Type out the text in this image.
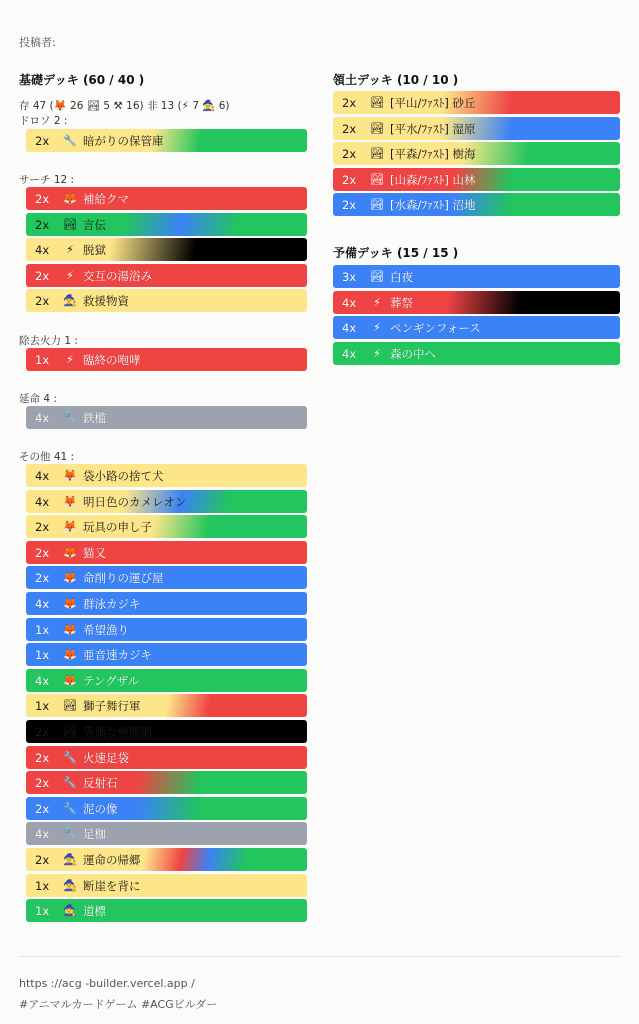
投稿者:
基礎デッキ (60 / 40 )
存 47 (🦊 26 🏞 5 ⚒ 16) 非 13 (⚡ 7 🧙 6)
領土デッキ (10 / 10 )
予備デッキ (15 / 15 )
ドロソ 2 :
2x	🔧 暗がりの保管庫
サーチ 12 :
2x	🦊 補給クマ
2x	🏞 言伝
4x	⚡ 脱獄
2x	⚡ 交互の湯浴み
2x	🧙 救援物資
除去火力 1 :
1x	⚡ 臨終の咆哮
延命 4 :
4x	🔧 鉄槛
その他 41 :
4x	🦊 袋小路の捨て犬
4x	🦊 明日色のカメレオン
2x	🦊 玩具の申し子
2x	🦊 猫又
2x	🦊 命削りの運び屋
4x	🦊 群泳カジキ
1x	🦊 希望漁り
1x	🦊 亜音速カジキ
4x	🦊 テングザル
1x	🏞 獅子舞行軍
2x	🏞 等価な検閲網
2x	🔧 火速足袋
2x	🔧 反射石
2x	🔧 泥の像
4x	🔧 足枷
2x	🧙 運命の帰郷
1x	🧙 断崖を背に
1x	🧙 道標
2x	🏞 [平山/ﾌｧｽﾄ] 砂丘
2x	🏞 [平水/ﾌｧｽﾄ] 湿原
2x	🏞 [平森/ﾌｧｽﾄ] 樹海
2x	🏞 [山森/ﾌｧｽﾄ] 山林
2x	🏞 [水森/ﾌｧｽﾄ] 沼地
3x	🏞 白夜
4x	⚡ 葬祭
4x	⚡ ペンギンフォース
4x	⚡ 森の中へ
https ://acg -builder.vercel.app /
#アニマルカードゲーム #ACGビルダー
